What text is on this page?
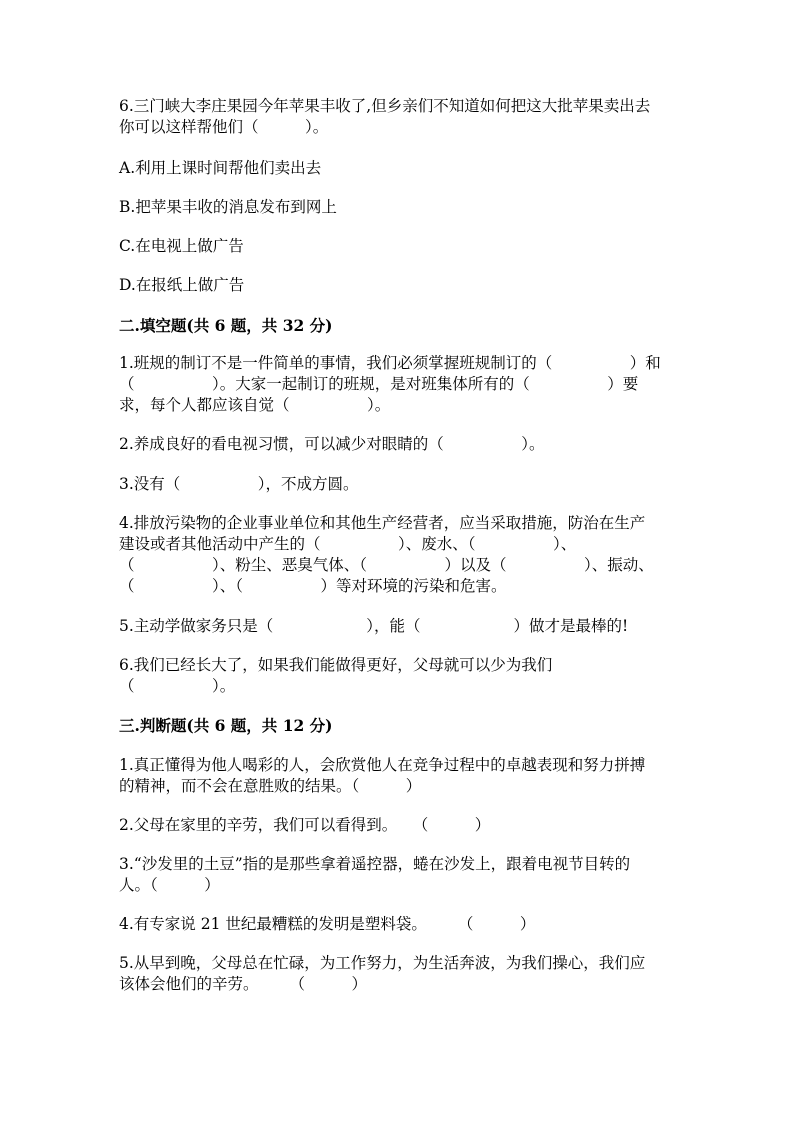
6.三门峡大李庄果园今年苹果丰收了,但乡亲们不知道如何把这大批苹果卖出去
你可以这样帮他们（　　　）。
A.利用上课时间帮他们卖出去
B.把苹果丰收的消息发布到网上
C.在电视上做广告
D.在报纸上做广告
二.填空题(共 6 题，共 32 分)
1.班规的制订不是一件简单的事情，我们必须掌握班规制订的（　　　　　）和
（　　　　　）。大家一起制订的班规，是对班集体所有的（　　　　　）要
求，每个人都应该自觉（　　　　　）。
2.养成良好的看电视习惯，可以减少对眼睛的（　　　　　）。
3.没有（　　　　　），不成方圆。
4.排放污染物的企业事业单位和其他生产经营者，应当采取措施，防治在生产
建设或者其他活动中产生的（　　　　　）、废水、（　　　　　）、
（　　　　　）、粉尘、恶臭气体、（　　　　　）以及（　　　　　）、振动、
（　　　　　）、（　　　　　）等对环境的污染和危害。
5.主动学做家务只是（　　　　　　），能（　　　　　　）做才是最棒的!
6.我们已经长大了，如果我们能做得更好，父母就可以少为我们
（　　　　　）。
三.判断题(共 6 题，共 12 分)
1.真正懂得为他人喝彩的人，会欣赏他人在竞争过程中的卓越表现和努力拼搏
的精神，而不会在意胜败的结果。（　　　）
2.父母在家里的辛劳，我们可以看得到。　　（　　　）
3.“沙发里的土豆”指的是那些拿着遥控器，蜷在沙发上，跟着电视节目转的
人。（　　　）
4.有专家说 21 世纪最糟糕的发明是塑料袋。　　　（　　　）
5.从早到晚，父母总在忙碌，为工作努力，为生活奔波，为我们操心，我们应
该体会他们的辛劳。　　　（　　　）
